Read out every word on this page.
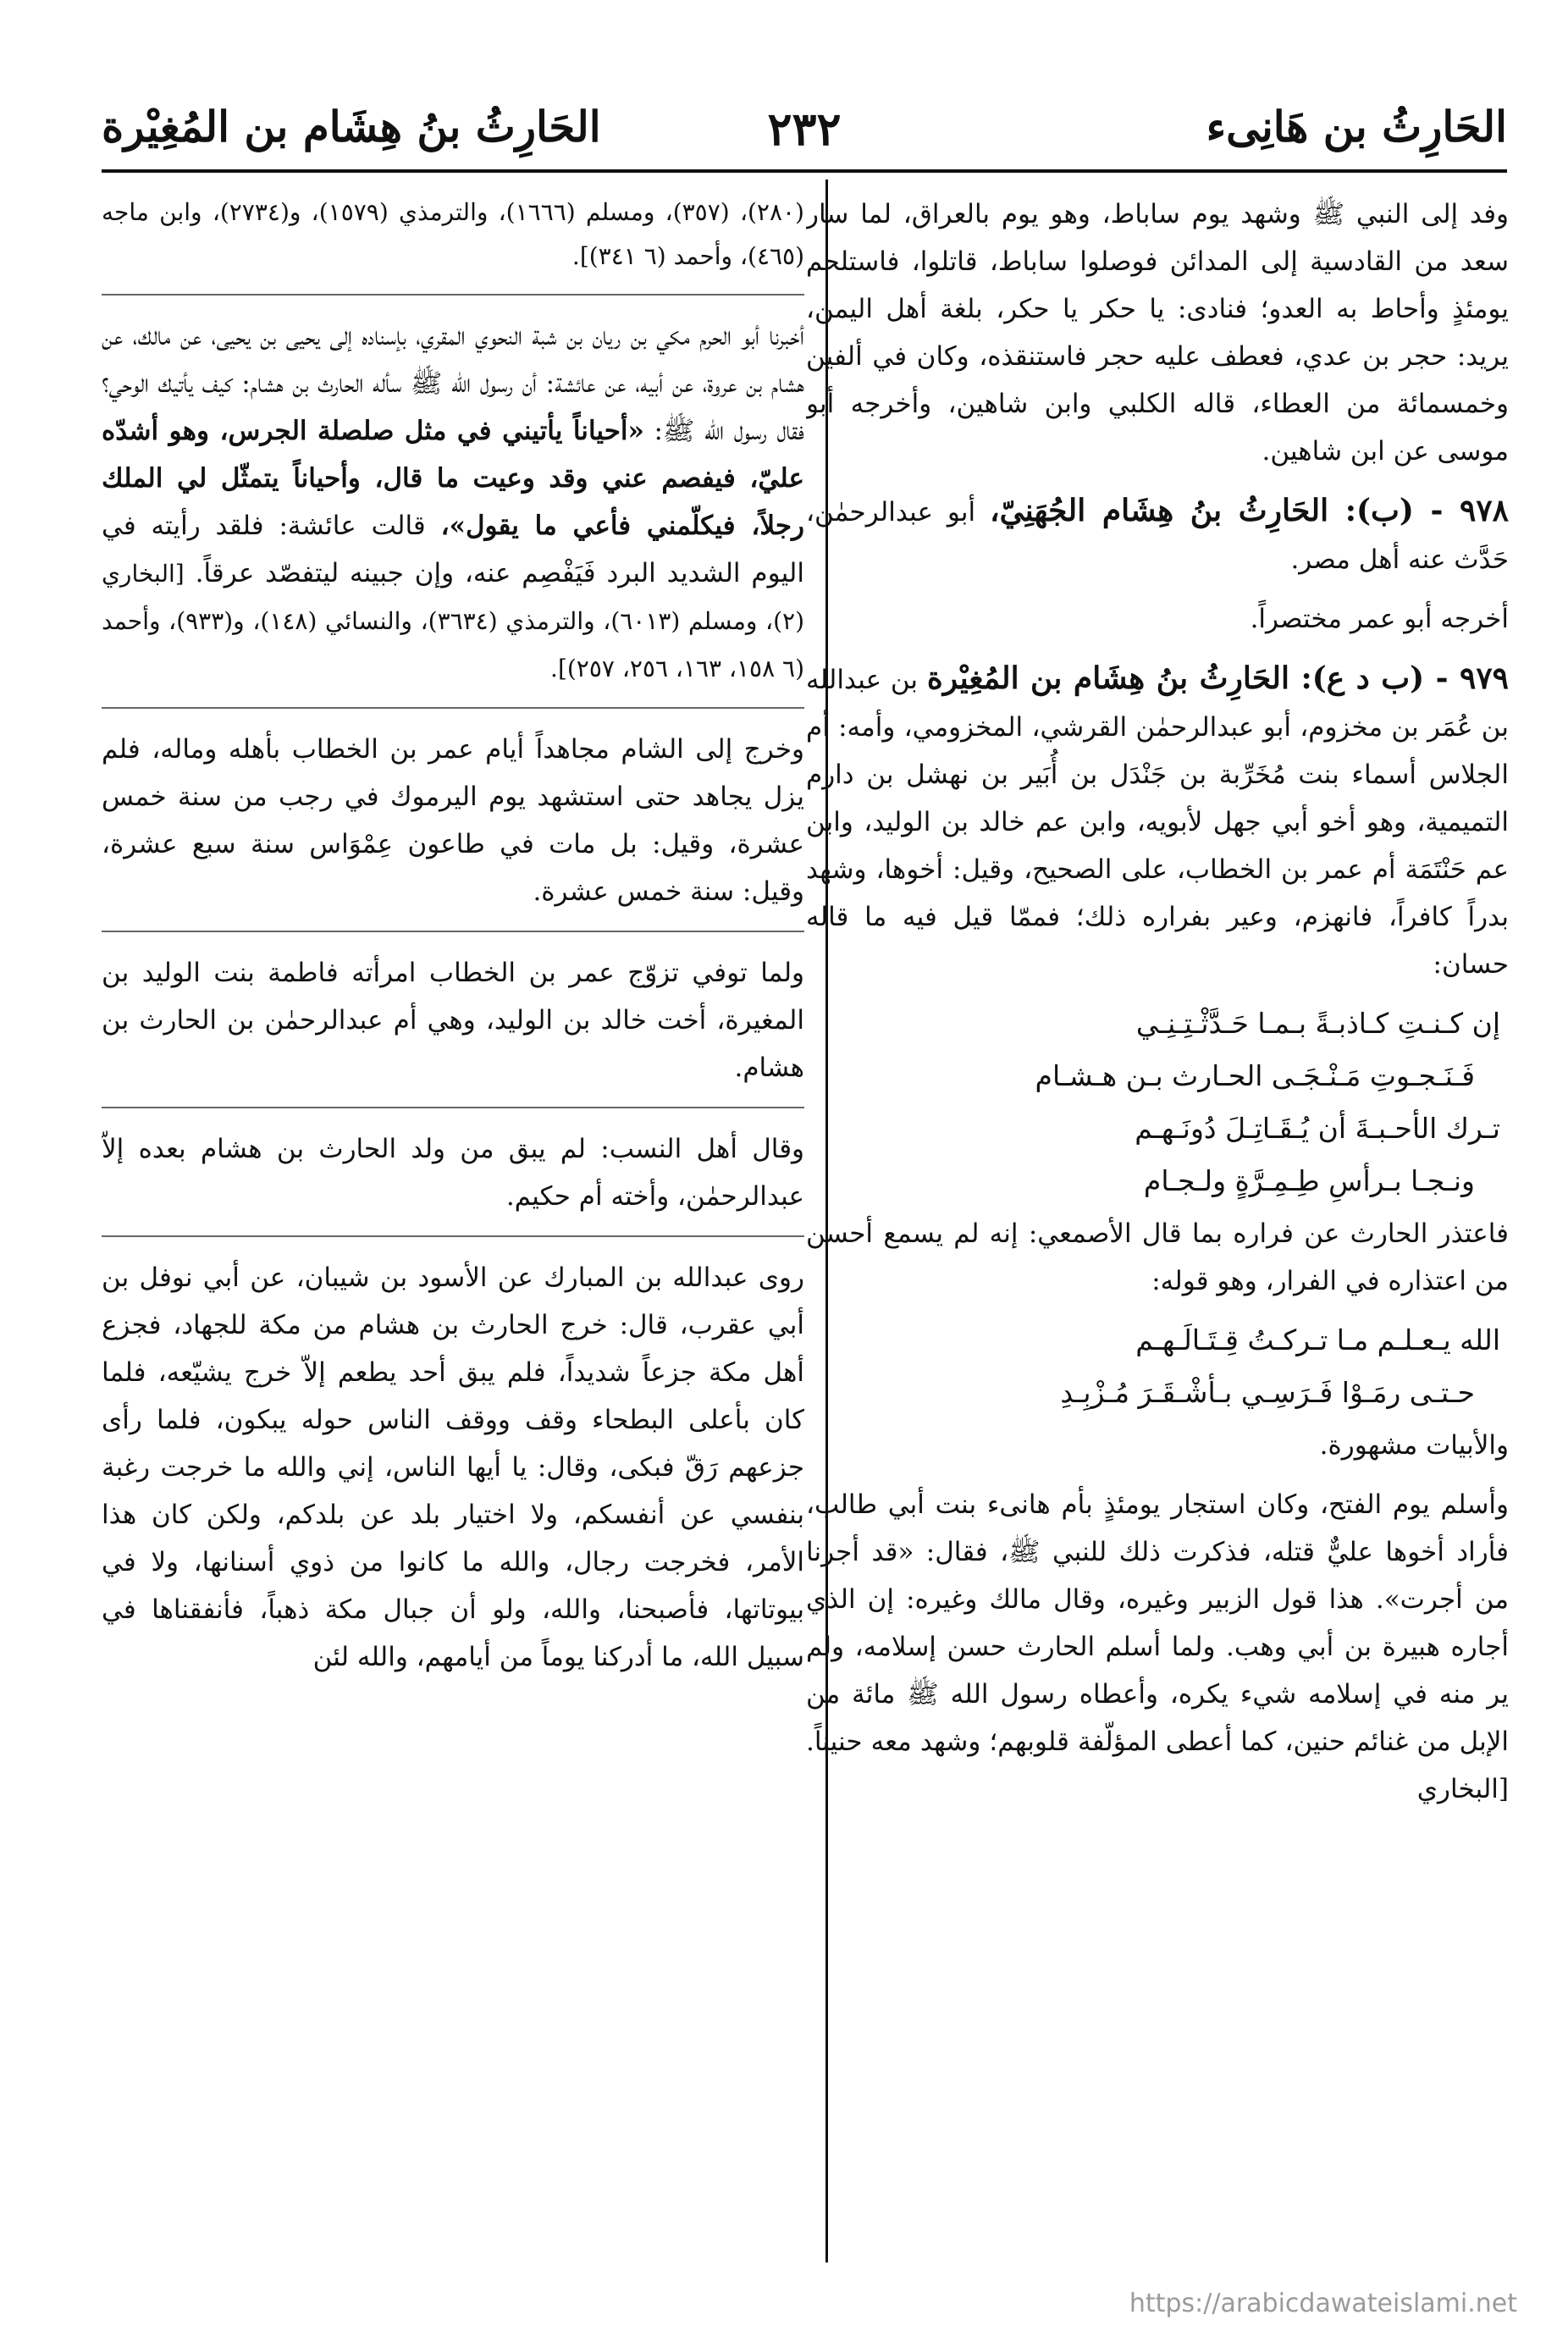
الحَارِثُ بن هَانِىء
٢٣٢
الحَارِثُ بنُ هِشَام بن المُغِيْرة

وفد إلى النبي ﷺ وشهد يوم ساباط، وهو يوم بالعراق، لما سار سعد من القادسية إلى المدائن فوصلوا ساباط، قاتلوا، فاستلحم يومئذٍ وأحاط به العدو؛ فنادى: يا حكر يا حكر، بلغة أهل اليمن، يريد: حجر بن عدي، فعطف عليه حجر فاستنقذه، وكان في ألفين وخمسمائة من العطاء، قاله الكلبي وابن شاهين، وأخرجه أبو موسى عن ابن شاهين.

٩٧٨ - (ب): الحَارِثُ بنُ هِشَام الجُهَنِيّ، أبو عبدالرحمٰن، حَدَّث عنه أهل مصر.

أخرجه أبو عمر مختصراً.

٩٧٩ - (ب د ع): الحَارِثُ بنُ هِشَام بن المُغِيْرة بن عبدالله بن عُمَر بن مخزوم، أبو عبدالرحمٰن القرشي، المخزومي، وأمه: أم الجلاس أسماء بنت مُخَرِّبة بن جَنْدَل بن أُبَير بن نهشل بن دارم التميمية، وهو أخو أبي جهل لأبويه، وابن عم خالد بن الوليد، وابن عم حَنْتَمَة أم عمر بن الخطاب، على الصحيح، وقيل: أخوها، وشهد بدراً كافراً، فانهزم، وعير بفراره ذلك؛ فممّا قيل فيه ما قاله حسان:

إن كـنـتِ كـاذبـةً بـمـا حَـدَّثْـتِـنِـي
فَـنَـجـوتِ مَـنْـجَـى الحـارث بـن هـشـام
تـرك الأحـبـةَ أن يُـقَـاتِـلَ دُونَـهـم
ونـجـا بـرأسِ طِـمِـرَّةٍ ولـجـام

فاعتذر الحارث عن فراره بما قال الأصمعي: إنه لم يسمع أحسن من اعتذاره في الفرار، وهو قوله:

الله يـعـلـم مـا تـركـتُ قِـتَـالَـهـم
حـتـى رمَـوْا فَـرَسِـي بـأشْـقَـرَ مُـزْبِـدِ

والأبيات مشهورة.

وأسلم يوم الفتح، وكان استجار يومئذٍ بأم هانىء بنت أبي طالب، فأراد أخوها عليٌّ قتله، فذكرت ذلك للنبي ﷺ، فقال: «قد أجرنا من أجرت». هذا قول الزبير وغيره، وقال مالك وغيره: إن الذي أجاره هبيرة بن أبي وهب. ولما أسلم الحارث حسن إسلامه، ولم ير منه في إسلامه شيء يكره، وأعطاه رسول الله ﷺ مائة من الإبل من غنائم حنين، كما أعطى المؤلّفة قلوبهم؛ وشهد معه حنيناً. [البخاري

(٢٨٠)، (٣٥٧)، ومسلم (١٦٦٦)، والترمذي (١٥٧٩)، و(٢٧٣٤)، وابن ماجه (٤٦٥)، وأحمد (٦ ٣٤١)].

أخبرنا أبو الحرم مكي بن ريان بن شبة النحوي المقري، بإسناده إلى يحيى بن يحيى، عن مالك، عن هشام بن عروة، عن أبيه، عن عائشة: أن رسول الله ﷺ سأله الحارث بن هشام: كيف يأتيك الوحي؟ فقال رسول الله ﷺ: «أحياناً يأتيني في مثل صلصلة الجرس، وهو أشدّه عليّ، فيفصم عني وقد وعيت ما قال، وأحياناً يتمثّل لي الملك رجلاً، فيكلّمني فأعي ما يقول»، قالت عائشة: فلقد رأيته في اليوم الشديد البرد فَيَفْصِم عنه، وإن جبينه ليتفصّد عرقاً. [البخاري (٢)، ومسلم (٦٠١٣)، والترمذي (٣٦٣٤)، والنسائي (١٤٨)، و(٩٣٣)، وأحمد (٦ ١٥٨، ١٦٣، ٢٥٦، ٢٥٧)].

وخرج إلى الشام مجاهداً أيام عمر بن الخطاب بأهله وماله، فلم يزل يجاهد حتى استشهد يوم اليرموك في رجب من سنة خمس عشرة، وقيل: بل مات في طاعون عِمْوَاس سنة سبع عشرة، وقيل: سنة خمس عشرة.

ولما توفي تزوّج عمر بن الخطاب امرأته فاطمة بنت الوليد بن المغيرة، أخت خالد بن الوليد، وهي أم عبدالرحمٰن بن الحارث بن هشام.

وقال أهل النسب: لم يبق من ولد الحارث بن هشام بعده إلاّ عبدالرحمٰن، وأخته أم حكيم.

روى عبدالله بن المبارك عن الأسود بن شيبان، عن أبي نوفل بن أبي عقرب، قال: خرج الحارث بن هشام من مكة للجهاد، فجزع أهل مكة جزعاً شديداً، فلم يبق أحد يطعم إلاّ خرج يشيّعه، فلما كان بأعلى البطحاء وقف ووقف الناس حوله يبكون، فلما رأى جزعهم رَقّ فبكى، وقال: يا أيها الناس، إني والله ما خرجت رغبة بنفسي عن أنفسكم، ولا اختيار بلد عن بلدكم، ولكن كان هذا الأمر، فخرجت رجال، والله ما كانوا من ذوي أسنانها، ولا في بيوتاتها، فأصبحنا، والله، ولو أن جبال مكة ذهباً، فأنفقناها في سبيل الله، ما أدركنا يوماً من أيامهم، والله لئن

https://arabicdawateislami.net
